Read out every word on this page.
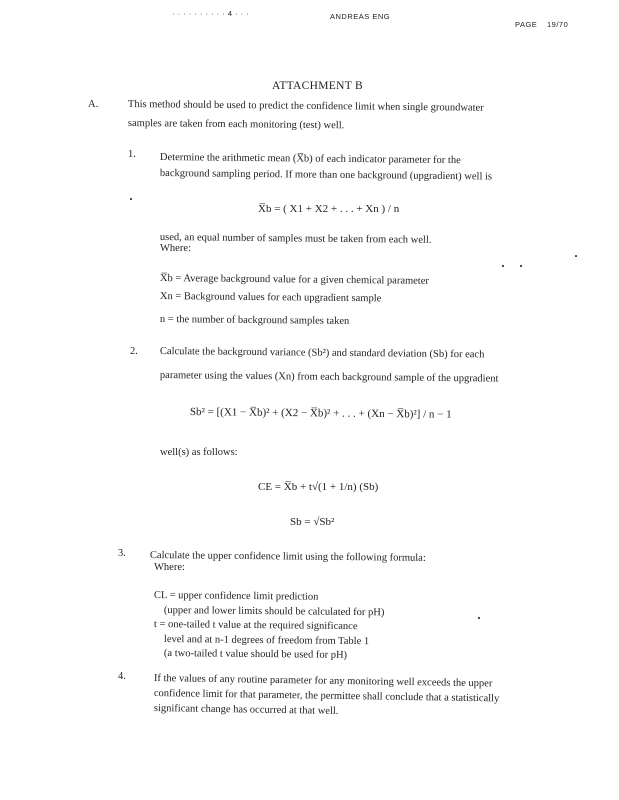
· · · · · · · · · · 4 · · ·	ANDREAS ENG
PAGE 19/70
ATTACHMENT B
A.	This method should be used to predict the confidence limit when single groundwater
samples are taken from each monitoring (test) well.
1. Determine the arithmetic mean (X̅b) of each indicator parameter for the
background sampling period. If more than one background (upgradient) well is
X̅b = ( X1 + X2 + . . . + Xn ) / n
used, an equal number of samples must be taken from each well.
Where:
X̅b = Average background value for a given chemical parameter
Xn = Background values for each upgradient sample
n = the number of background samples taken
2. Calculate the background variance (Sb²) and standard deviation (Sb) for each
parameter using the values (Xn) from each background sample of the upgradient
Sb² = [(X1 − X̅b)² + (X2 − X̅b)² + . . . + (Xn − X̅b)²] / n − 1
well(s) as follows:
CE = X̅b + t√(1 + 1/n) (Sb)
Sb = √Sb²
3. Calculate the upper confidence limit using the following formula:
Where:
CL = upper confidence limit prediction
(upper and lower limits should be calculated for pH)
t = one-tailed t value at the required significance
level and at n-1 degrees of freedom from Table 1
(a two-tailed t value should be used for pH)
4.	If the values of any routine parameter for any monitoring well exceeds the upper
confidence limit for that parameter, the permittee shall conclude that a statistically
significant change has occurred at that well.
